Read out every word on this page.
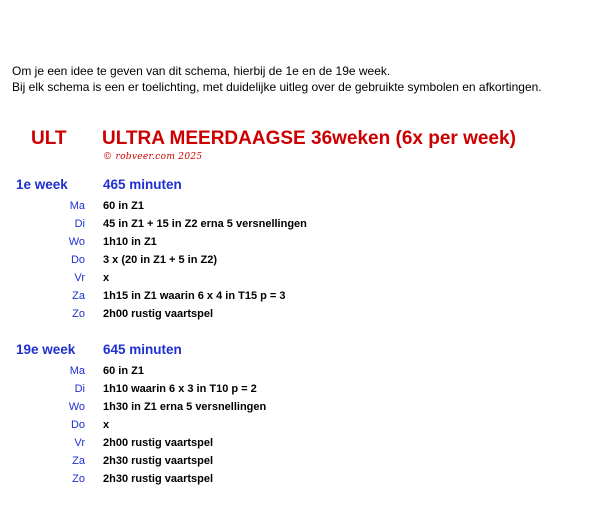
Om je een idee te geven van dit schema, hierbij de 1e en de 19e week.
Bij elk schema is een er toelichting, met duidelijke uitleg over de gebruikte symbolen en afkortingen.
ULT ULTRA MEERDAAGSE 36weken (6x per week)
© robveer.com 2025
1e week	465 minuten
Ma 60 in Z1
Di 45 in Z1 + 15 in Z2 erna 5 versnellingen
Wo 1h10 in Z1
Do 3 x (20 in Z1 + 5 in Z2)
Vr x
Za 1h15 in Z1 waarin 6 x 4 in T15 p = 3
Zo 2h00 rustig vaartspel
19e week 645 minuten
Ma 60 in Z1
Di 1h10 waarin 6 x 3 in T10 p = 2
Wo 1h30 in Z1 erna 5 versnellingen
Do x
Vr 2h00 rustig vaartspel
Za 2h30 rustig vaartspel
Zo 2h30 rustig vaartspel
